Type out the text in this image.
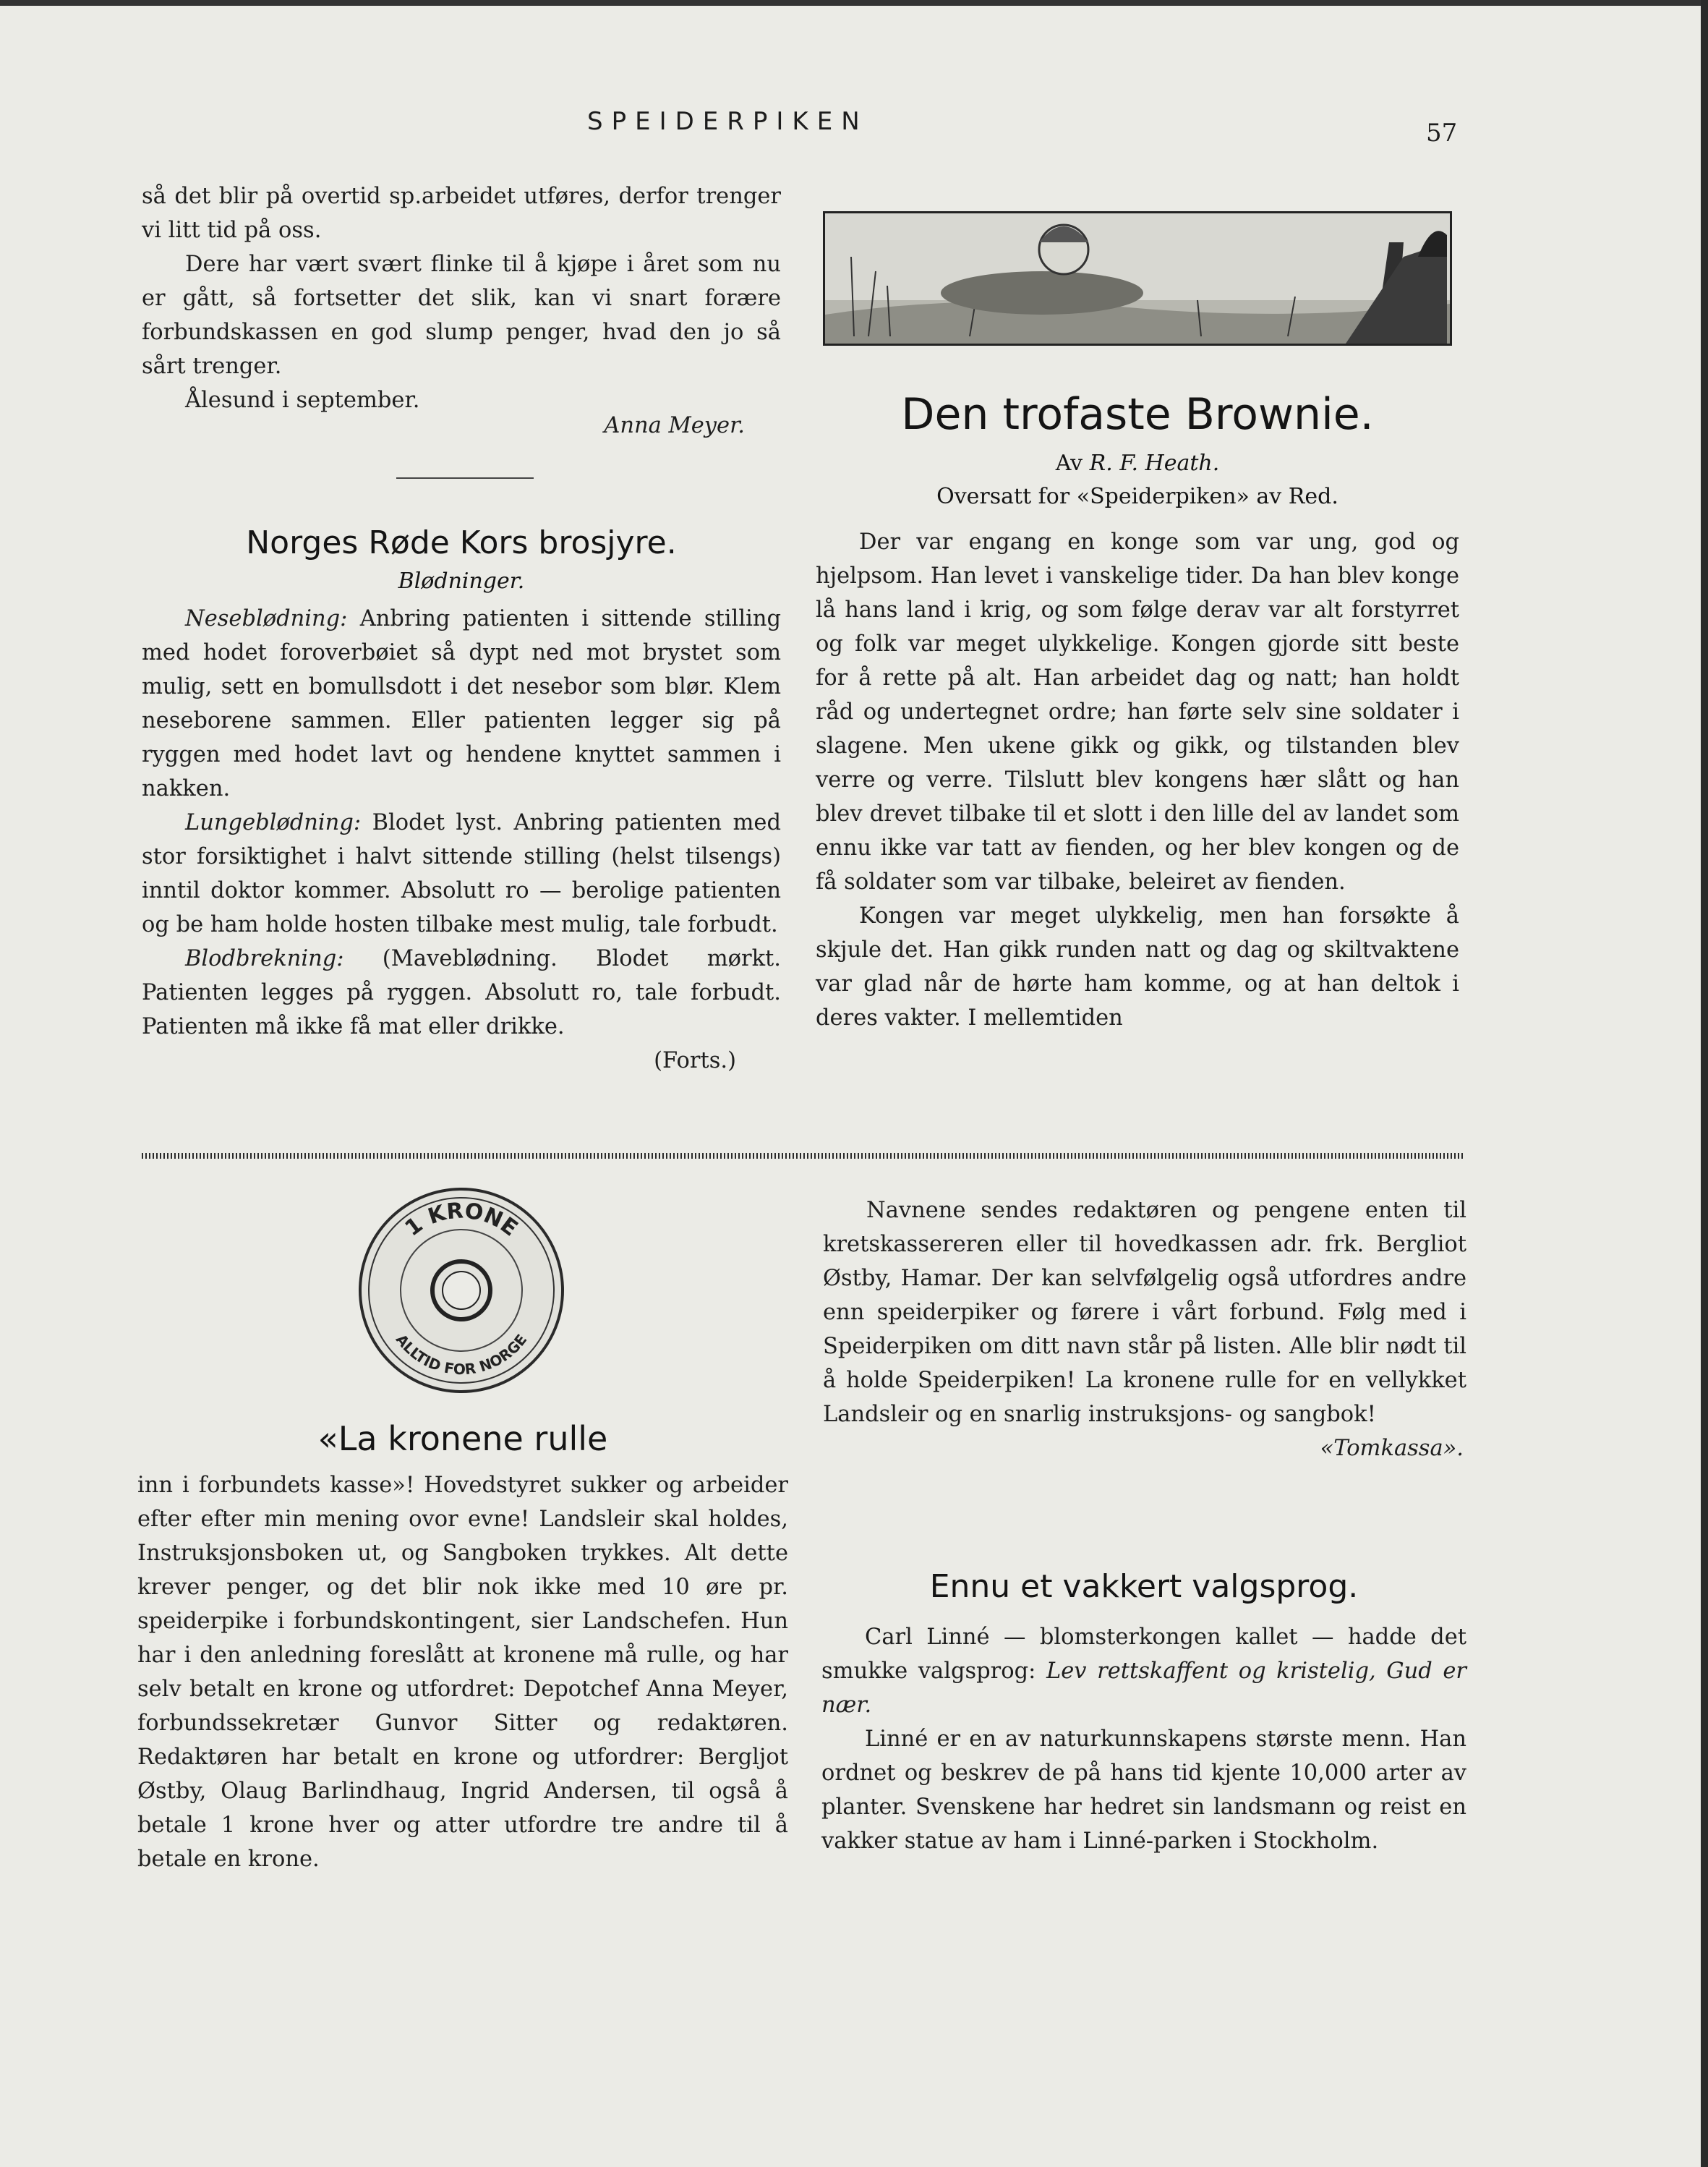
SPEIDERPIKEN	57

så det blir på overtid sp.arbeidet utføres, derfor trenger vi litt tid på oss.

Dere har vært svært flinke til å kjøpe i året som nu er gått, så fortsetter det slik, kan vi snart forære forbundskassen en god slump penger, hvad den jo så sårt trenger.

Ålesund i september.

Anna Meyer.

Norges Røde Kors brosjyre.
Blødninger.

Neseblødning: Anbring patienten i sittende stilling med hodet foroverbøiet så dypt ned mot brystet som mulig, sett en bomullsdott i det nesebor som blør. Klem neseborene sammen. Eller patienten legger sig på ryggen med hodet lavt og hendene knyttet sammen i nakken.

Lungeblødning: Blodet lyst. Anbring patienten med stor forsiktighet i halvt sittende stilling (helst tilsengs) inntil doktor kommer. Absolutt ro — berolige patienten og be ham holde hosten tilbake mest mulig, tale forbudt.

Blodbrekning: (Maveblødning. Blodet mørkt. Patienten legges på ryggen. Absolutt ro, tale forbudt. Patienten må ikke få mat eller drikke.

(Forts.)

Den trofaste Brownie.
Av R. F. Heath.
Oversatt for «Speiderpiken» av Red.

Der var engang en konge som var ung, god og hjelpsom. Han levet i vanskelige tider. Da han blev konge lå hans land i krig, og som følge derav var alt forstyrret og folk var meget ulykkelige. Kongen gjorde sitt beste for å rette på alt. Han arbeidet dag og natt; han holdt råd og undertegnet ordre; han førte selv sine soldater i slagene. Men ukene gikk og gikk, og tilstanden blev verre og verre. Tilslutt blev kongens hær slått og han blev drevet tilbake til et slott i den lille del av landet som ennu ikke var tatt av fienden, og her blev kongen og de få soldater som var tilbake, beleiret av fienden.

Kongen var meget ulykkelig, men han forsøkte å skjule det. Han gikk runden natt og dag og skiltvaktene var glad når de hørte ham komme, og at han deltok i deres vakter. I mellemtiden

1 KRONE
ALLTID FOR NORGE
«La kronene rulle

inn i forbundets kasse»! Hovedstyret sukker og arbeider efter efter min mening ovor evne! Landsleir skal holdes, Instruksjonsboken ut, og Sangboken trykkes. Alt dette krever penger, og det blir nok ikke med 10 øre pr. speiderpike i forbundskontingent, sier Landschefen. Hun har i den anledning foreslått at kronene må rulle, og har selv betalt en krone og utfordret: Depotchef Anna Meyer, forbundssekretær Gunvor Sitter og redaktøren. Redaktøren har betalt en krone og utfordrer: Bergljot Østby, Olaug Barlindhaug, Ingrid Andersen, til også å betale 1 krone hver og atter utfordre tre andre til å betale en krone.

Navnene sendes redaktøren og pengene enten til kretskassereren eller til hovedkassen adr. frk. Bergliot Østby, Hamar. Der kan selvfølgelig også utfordres andre enn speiderpiker og førere i vårt forbund. Følg med i Speiderpiken om ditt navn står på listen. Alle blir nødt til å holde Speiderpiken! La kronene rulle for en vellykket Landsleir og en snarlig instruksjons- og sangbok!

«Tomkassa».

Ennu et vakkert valgsprog.

Carl Linné — blomsterkongen kallet — hadde det smukke valgsprog: Lev rettskaffent og kristelig, Gud er nær.

Linné er en av naturkunnskapens største menn. Han ordnet og beskrev de på hans tid kjente 10,000 arter av planter. Svenskene har hedret sin landsmann og reist en vakker statue av ham i Linné-parken i Stockholm.
